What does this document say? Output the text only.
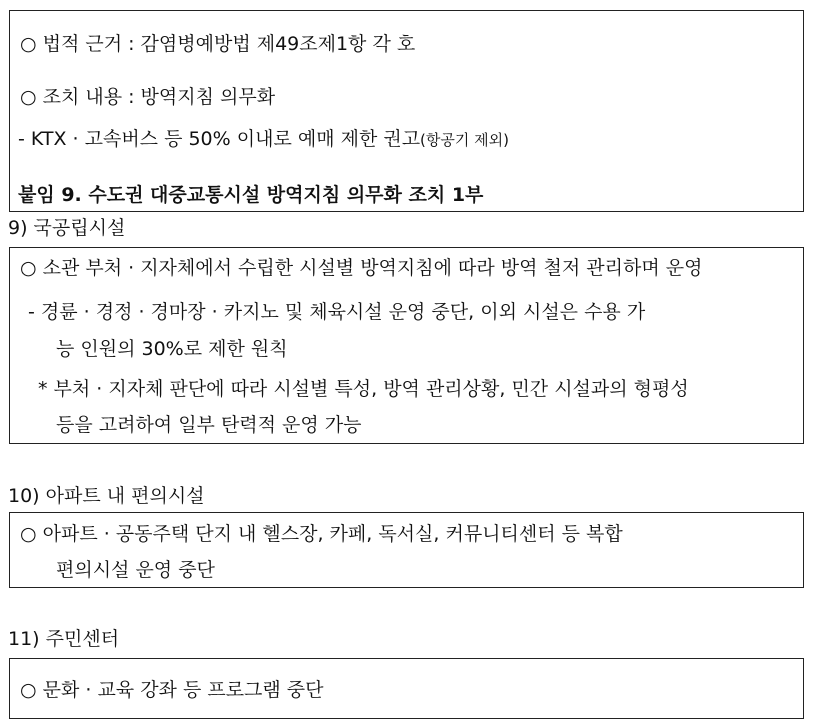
○ 법적 근거 : 감염병예방법 제49조제1항 각 호
○ 조치 내용 : 방역지침 의무화
- KTX · 고속버스 등 50% 이내로 예매 제한 권고(항공기 제외)
붙임 9. 수도권 대중교통시설 방역지침 의무화 조치 1부
9) 국공립시설
○ 소관 부처 · 지자체에서 수립한 시설별 방역지침에 따라 방역 철저 관리하며 운영
- 경륜 · 경정 · 경마장 · 카지노 및 체육시설 운영 중단, 이외 시설은 수용 가
능 인원의 30%로 제한 원칙
* 부처 · 지자체 판단에 따라 시설별 특성, 방역 관리상황, 민간 시설과의 형평성
등을 고려하여 일부 탄력적 운영 가능
10) 아파트 내 편의시설
○ 아파트 · 공동주택 단지 내 헬스장, 카페, 독서실, 커뮤니티센터 등 복합
편의시설 운영 중단
11) 주민센터
○ 문화 · 교육 강좌 등 프로그램 중단
